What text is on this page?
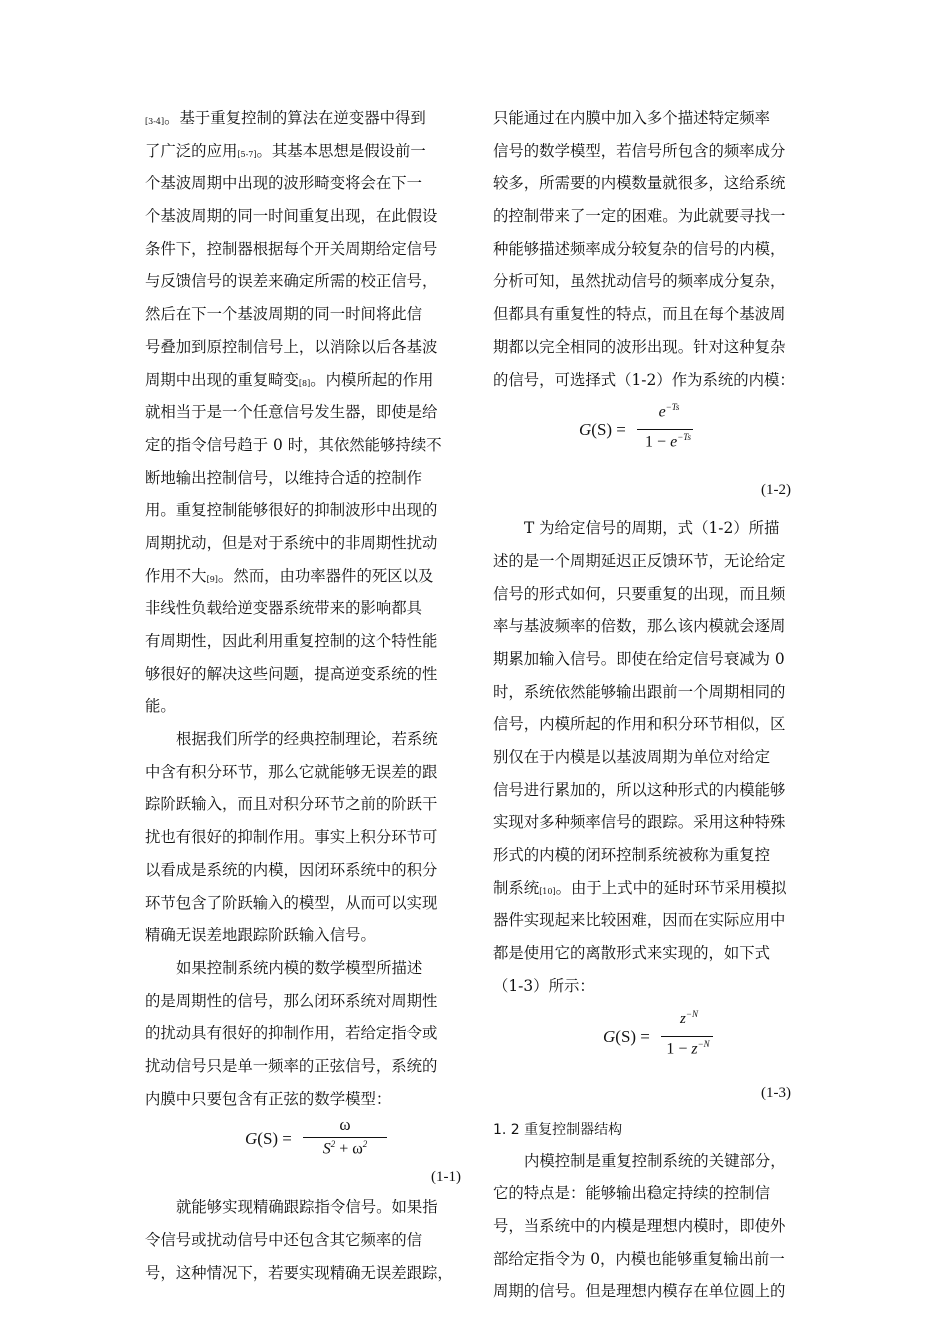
[3-4]。基于重复控制的算法在逆变器中得到
了广泛的应用[5-7]。其基本思想是假设前一
个基波周期中出现的波形畸变将会在下一
个基波周期的同一时间重复出现，在此假设
条件下，控制器根据每个开关周期给定信号
与反馈信号的误差来确定所需的校正信号，
然后在下一个基波周期的同一时间将此信
号叠加到原控制信号上，以消除以后各基波
周期中出现的重复畸变[8]。内模所起的作用
就相当于是一个任意信号发生器，即使是给
定的指令信号趋于 0 时，其依然能够持续不
断地输出控制信号，以维持合适的控制作
用。重复控制能够很好的抑制波形中出现的
周期扰动，但是对于系统中的非周期性扰动
作用不大[9]。然而，由功率器件的死区以及
非线性负载给逆变器系统带来的影响都具
有周期性，因此利用重复控制的这个特性能
够很好的解决这些问题，提高逆变系统的性
能。
根据我们所学的经典控制理论，若系统
中含有积分环节，那么它就能够无误差的跟
踪阶跃输入，而且对积分环节之前的阶跃干
扰也有很好的抑制作用。事实上积分环节可
以看成是系统的内模，因闭环系统中的积分
环节包含了阶跃输入的模型，从而可以实现
精确无误差地跟踪阶跃输入信号。
如果控制系统内模的数学模型所描述
的是周期性的信号，那么闭环系统对周期性
的扰动具有很好的抑制作用，若给定指令或
扰动信号只是单一频率的正弦信号，系统的
内膜中只要包含有正弦的数学模型：
G(S) =
ω
$S^2 + \omega^2$
(1-1)
就能够实现精确跟踪指令信号。如果指
令信号或扰动信号中还包含其它频率的信
号，这种情况下，若要实现精确无误差跟踪，
只能通过在内膜中加入多个描述特定频率
信号的数学模型，若信号所包含的频率成分
较多，所需要的内模数量就很多，这给系统
的控制带来了一定的困难。为此就要寻找一
种能够描述频率成分较复杂的信号的内模，
分析可知，虽然扰动信号的频率成分复杂，
但都具有重复性的特点，而且在每个基波周
期都以完全相同的波形出现。针对这种复杂
的信号，可选择式（1-2）作为系统的内模：
G(S) =
$e^{-Ts}$
$1 - e^{-Ts}$
(1-2)
T 为给定信号的周期，式（1-2）所描
述的是一个周期延迟正反馈环节，无论给定
信号的形式如何，只要重复的出现，而且频
率与基波频率的倍数，那么该内模就会逐周
期累加输入信号。即使在给定信号衰减为 0
时，系统依然能够输出跟前一个周期相同的
信号，内模所起的作用和积分环节相似，区
别仅在于内模是以基波周期为单位对给定
信号进行累加的，所以这种形式的内模能够
实现对多种频率信号的跟踪。采用这种特殊
形式的内模的闭环控制系统被称为重复控
制系统[10]。由于上式中的延时环节采用模拟
器件实现起来比较困难，因而在实际应用中
都是使用它的离散形式来实现的，如下式
（1-3）所示：
G(S) =
$z^{-N}$
$1 - z^{-N}$
(1-3)
1. 2 重复控制器结构
内模控制是重复控制系统的关键部分，
它的特点是：能够输出稳定持续的控制信
号，当系统中的内模是理想内模时，即使外
部给定指令为 0，内模也能够重复输出前一
周期的信号。但是理想内模存在单位圆上的
